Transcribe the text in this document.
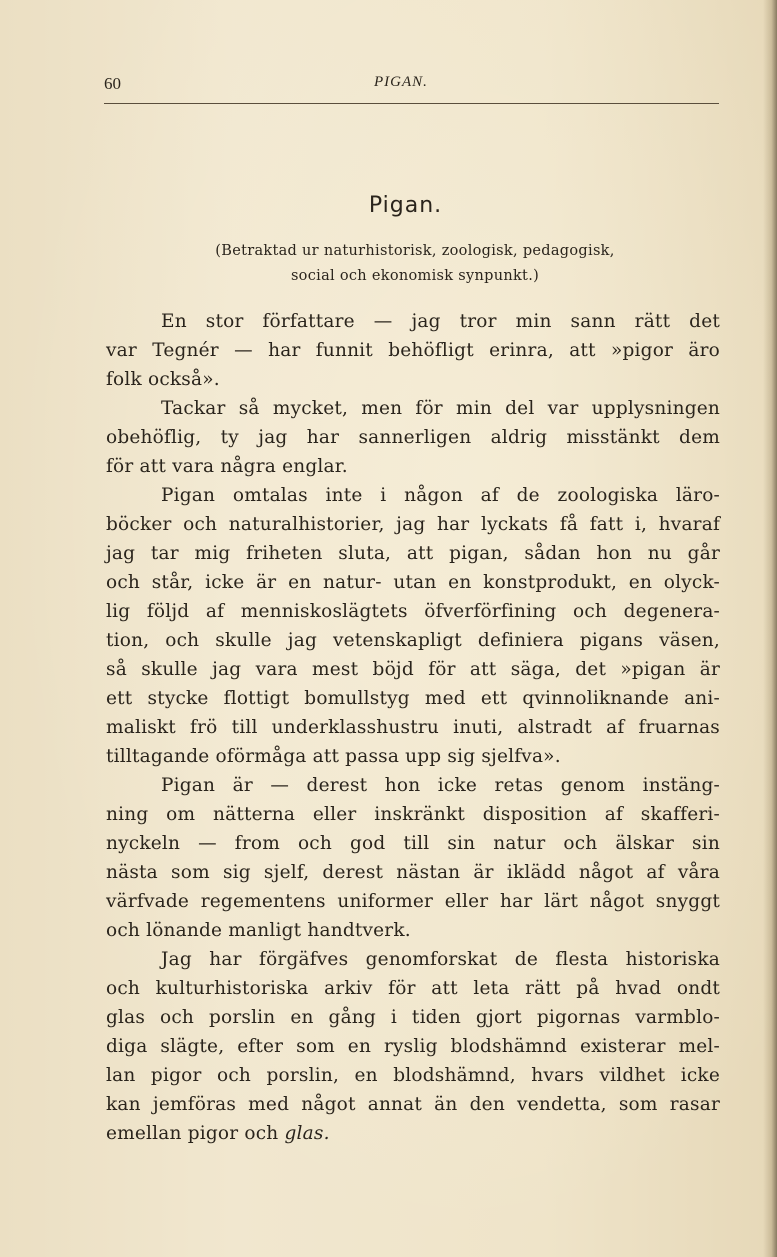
60	PIGAN.
Pigan.
(Betraktad ur naturhistorisk, zoologisk, pedagogisk,
social och ekonomisk synpunkt.)
En stor författare — jag tror min sann rätt det
var Tegnér — har funnit behöfligt erinra, att »pigor äro
folk också».
Tackar så mycket, men för min del var upplysningen
obehöflig, ty jag har sannerligen aldrig misstänkt dem
för att vara några englar.
Pigan omtalas inte i någon af de zoologiska läro-
böcker och naturalhistorier, jag har lyckats få fatt i, hvaraf
jag tar mig friheten sluta, att pigan, sådan hon nu går
och står, icke är en natur- utan en konstprodukt, en olyck-
lig följd af menniskoslägtets öfverförfining och degenera-
tion, och skulle jag vetenskapligt definiera pigans väsen,
så skulle jag vara mest böjd för att säga, det »pigan är
ett stycke flottigt bomullstyg med ett qvinnoliknande ani-
maliskt frö till underklasshustru inuti, alstradt af fruarnas
tilltagande oförmåga att passa upp sig sjelfva».
Pigan är — derest hon icke retas genom instäng-
ning om nätterna eller inskränkt disposition af skafferi-
nyckeln — from och god till sin natur och älskar sin
nästa som sig sjelf, derest nästan är iklädd något af våra
värfvade regementens uniformer eller har lärt något snyggt
och lönande manligt handtverk.
Jag har förgäfves genomforskat de flesta historiska
och kulturhistoriska arkiv för att leta rätt på hvad ondt
glas och porslin en gång i tiden gjort pigornas varmblo-
diga slägte, efter som en ryslig blodshämnd existerar mel-
lan pigor och porslin, en blodshämnd, hvars vildhet icke
kan jemföras med något annat än den vendetta, som rasar
emellan pigor och glas.
